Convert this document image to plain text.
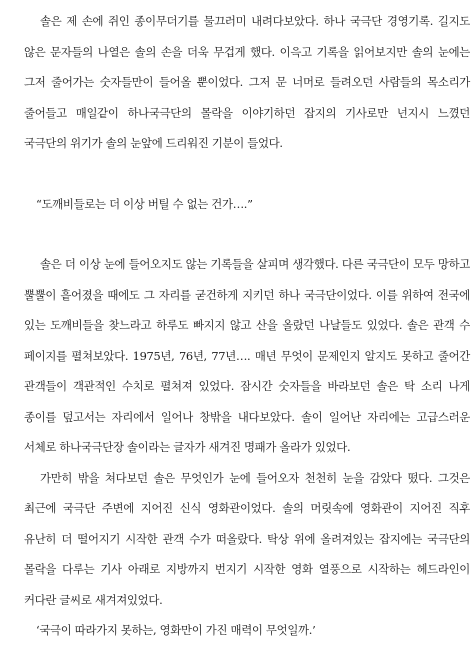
솔은 제 손에 쥐인 종이무더기를 물끄러미 내려다보았다. 하나 국극단 경영기록. 길지도 않은 문자들의 나열은 솔의 손을 더욱 무겁게 했다. 이윽고 기록을 읽어보지만 솔의 눈에는 그저 줄어가는 숫자들만이 들어올 뿐이었다. 그저 문 너머로 들려오던 사람들의 목소리가 줄어들고 매일같이 하나국극단의 몰락을 이야기하던 잡지의 기사로만 넌지시 느꼈던 국극단의 위기가 솔의 눈앞에 드리워진 기분이 들었다.

“도깨비들로는 더 이상 버틸 수 없는 건가….”

솔은 더 이상 눈에 들어오지도 않는 기록들을 살피며 생각했다. 다른 국극단이 모두 망하고 뿔뿔이 흩어졌을 때에도 그 자리를 굳건하게 지키던 하나 국극단이었다. 이를 위하여 전국에 있는 도깨비들을 찾느라고 하루도 빠지지 않고 산을 올랐던 나날들도 있었다. 솔은 관객 수 페이지를 펼쳐보았다. 1975년, 76년, 77년…. 매년 무엇이 문제인지 알지도 못하고 줄어간 관객들이 객관적인 수치로 펼쳐져 있었다. 잠시간 숫자들을 바라보던 솔은 탁 소리 나게 종이를 덮고서는 자리에서 일어나 창밖을 내다보았다. 솔이 일어난 자리에는 고급스러운 서체로 하나국극단장 솔이라는 글자가 새겨진 명패가 올라가 있었다.

가만히 밖을 쳐다보던 솔은 무엇인가 눈에 들어오자 천천히 눈을 감았다 떴다. 그것은 최근에 국극단 주변에 지어진 신식 영화관이었다. 솔의 머릿속에 영화관이 지어진 직후 유난히 더 떨어지기 시작한 관객 수가 떠올랐다. 탁상 위에 올려져있는 잡지에는 국극단의 몰락을 다루는 기사 아래로 지방까지 번지기 시작한 영화 열풍으로 시작하는 헤드라인이 커다란 글씨로 새겨져있었다.

‘국극이 따라가지 못하는, 영화만이 가진 매력이 무엇일까.’
